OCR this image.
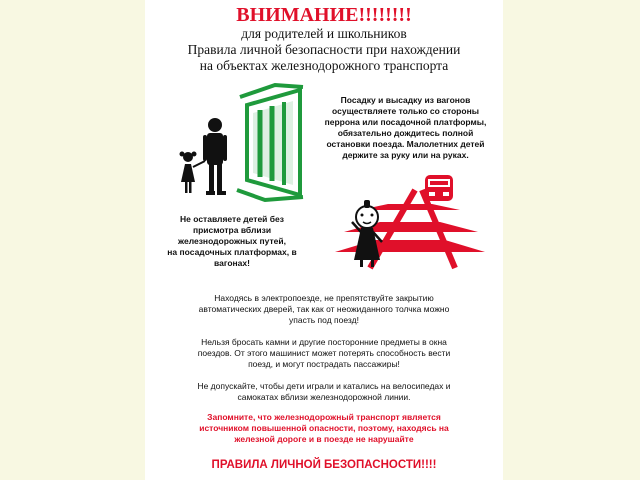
ВНИМАНИЕ!!!!!!!!
для родителей и школьников
Правила личной безопасности при нахождении
на объектах железнодорожного транспорта
Не оставляете детей без
присмотра вблизи
железнодорожных путей,
на посадочных платформах, в
вагонах!
Посадку и высадку из вагонов
осуществляете только со стороны
перрона или посадочной платформы,
обязательно дождитесь полной
остановки поезда. Малолетних детей
держите за руку или на руках.
Находясь в электропоезде, не препятствуйте закрытию
автоматических дверей, так как от неожиданного толчка можно
упасть под поезд!
Нельзя бросать камни и другие посторонние предметы в окна
поездов. От этого машинист может потерять способность вести
поезд, и могут пострадать пассажиры!
Не допускайте, чтобы дети играли и катались на велосипедах и
самокатах вблизи железнодорожной линии.
Запомните, что железнодорожный транспорт является
источником повышенной опасности, поэтому, находясь на
железной дороге и в поезде не нарушайте
ПРАВИЛА ЛИЧНОЙ БЕЗОПАСНОСТИ!!!!
